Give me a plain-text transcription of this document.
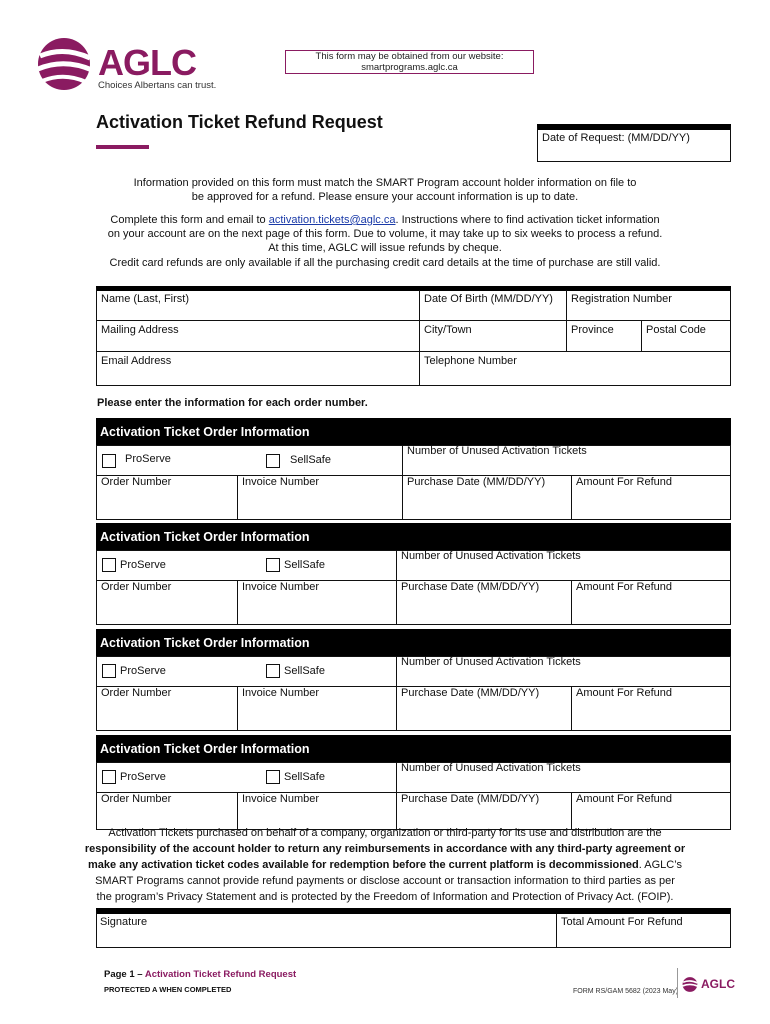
AGLC
Choices Albertans can trust.
This form may be obtained from our website:
smartprograms.aglc.ca
Activation Ticket Refund Request
Date of Request: (MM/DD/YY)
Information provided on this form must match the SMART Program account holder information on file to
be approved for a refund. Please ensure your account information is up to date.
Complete this form and email to activation.tickets@aglc.ca. Instructions where to find activation ticket information
on your account are on the next page of this form. Due to volume, it may take up to six weeks to process a refund.
At this time, AGLC will issue refunds by cheque.
Credit card refunds are only available if all the purchasing credit card details at the time of purchase are still valid.
Name (Last, First)	Date Of Birth (MM/DD/YY) Registration Number
Mailing Address	City/Town	Province	Postal Code
Email Address	Telephone Number
Please enter the information for each order number.
Activation Ticket Order Information
ProServe	SellSafe
Number of Unused Activation Tickets
Order Number	Invoice Number	Purchase Date (MM/DD/YY)	Amount For Refund
Activation Ticket Order Information
ProServe	SellSafe
Number of Unused Activation Tickets
Order Number	Invoice Number	Purchase Date (MM/DD/YY)	Amount For Refund
Activation Ticket Order Information
ProServe	SellSafe
Number of Unused Activation Tickets
Order Number	Invoice Number	Purchase Date (MM/DD/YY)	Amount For Refund
Activation Ticket Order Information
ProServe	SellSafe
Number of Unused Activation Tickets
Order Number	Invoice Number	Purchase Date (MM/DD/YY)	Amount For Refund
Activation Tickets purchased on behalf of a company, organization or third-party for its use and distribution are the
responsibility of the account holder to return any reimbursements in accordance with any third-party agreement or
make any activation ticket codes available for redemption before the current platform is decommissioned. AGLC’s
SMART Programs cannot provide refund payments or disclose account or transaction information to third parties as per
the program’s Privacy Statement and is protected by the Freedom of Information and Protection of Privacy Act. (FOIP).
Signature	Total Amount For Refund
Page 1 – Activation Ticket Refund Request
PROTECTED A WHEN COMPLETED	FORM RS/GAM 5682 (2023 May)
AGLC
